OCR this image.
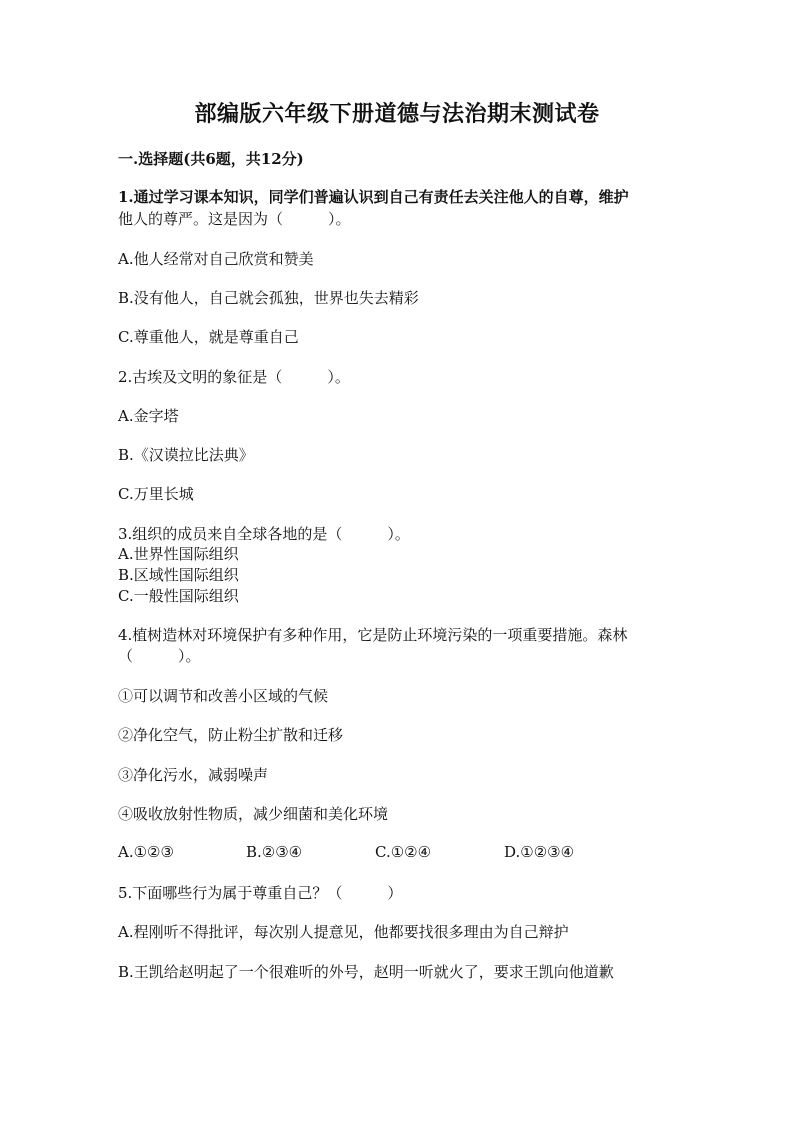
部编版六年级下册道德与法治期末测试卷
一.选择题(共6题，共12分)
1.通过学习课本知识，同学们普遍认识到自己有责任去关注他人的自尊，维护
他人的尊严。这是因为（　　　）。
A.他人经常对自己欣赏和赞美
B.没有他人，自己就会孤独，世界也失去精彩
C.尊重他人，就是尊重自己
2.古埃及文明的象征是（　　　）。
A.金字塔
B.《汉谟拉比法典》
C.万里长城
3.组织的成员来自全球各地的是（　　　）。
A.世界性国际组织
B.区域性国际组织
C.一般性国际组织
4.植树造林对环境保护有多种作用，它是防止环境污染的一项重要措施。森林
（　　　）。
①可以调节和改善小区域的气候
②净化空气，防止粉尘扩散和迁移
③净化污水，减弱噪声
④吸收放射性物质，减少细菌和美化环境
A.①②③	B.②③④	C.①②④	D.①②③④
5.下面哪些行为属于尊重自己？（　　　）
A.程刚听不得批评，每次别人提意见，他都要找很多理由为自己辩护
B.王凯给赵明起了一个很难听的外号，赵明一听就火了，要求王凯向他道歉
